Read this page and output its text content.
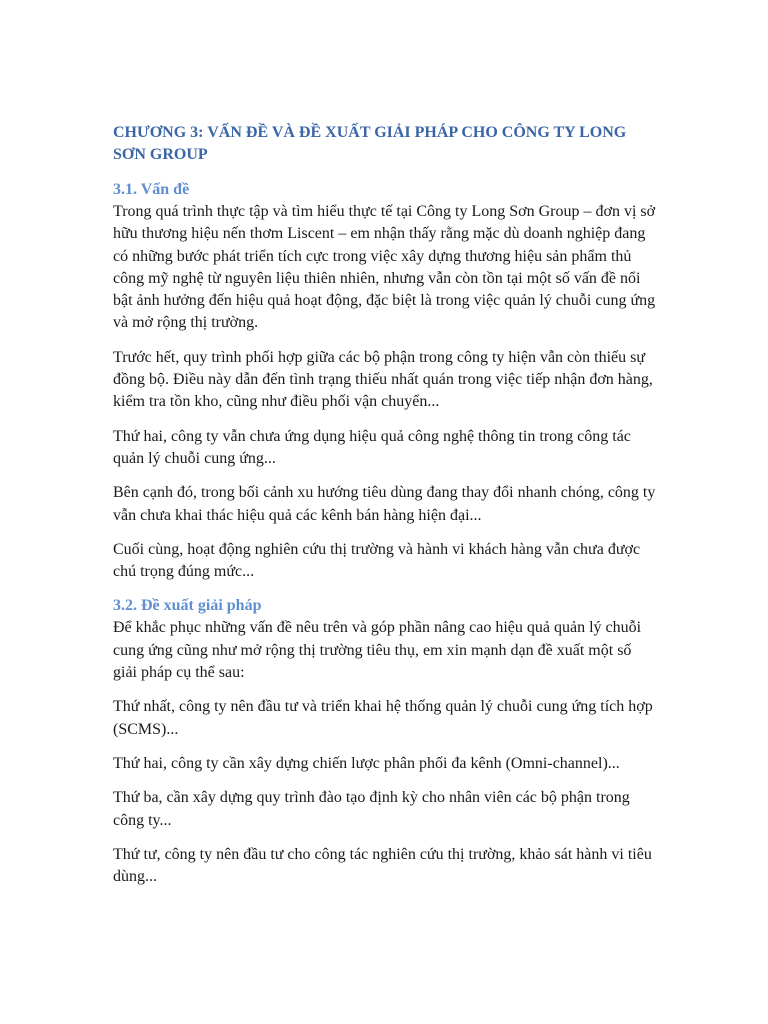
CHƯƠNG 3: VẤN ĐỀ VÀ ĐỀ XUẤT GIẢI PHÁP CHO CÔNG TY LONG SƠN GROUP
3.1. Vấn đề

Trong quá trình thực tập và tìm hiểu thực tế tại Công ty Long Sơn Group – đơn vị sở hữu thương hiệu nến thơm Liscent – em nhận thấy rằng mặc dù doanh nghiệp đang có những bước phát triển tích cực trong việc xây dựng thương hiệu sản phẩm thủ công mỹ nghệ từ nguyên liệu thiên nhiên, nhưng vẫn còn tồn tại một số vấn đề nổi bật ảnh hưởng đến hiệu quả hoạt động, đặc biệt là trong việc quản lý chuỗi cung ứng và mở rộng thị trường.

Trước hết, quy trình phối hợp giữa các bộ phận trong công ty hiện vẫn còn thiếu sự đồng bộ. Điều này dẫn đến tình trạng thiếu nhất quán trong việc tiếp nhận đơn hàng, kiểm tra tồn kho, cũng như điều phối vận chuyển...

Thứ hai, công ty vẫn chưa ứng dụng hiệu quả công nghệ thông tin trong công tác quản lý chuỗi cung ứng...

Bên cạnh đó, trong bối cảnh xu hướng tiêu dùng đang thay đổi nhanh chóng, công ty vẫn chưa khai thác hiệu quả các kênh bán hàng hiện đại...

Cuối cùng, hoạt động nghiên cứu thị trường và hành vi khách hàng vẫn chưa được chú trọng đúng mức...

3.2. Đề xuất giải pháp

Để khắc phục những vấn đề nêu trên và góp phần nâng cao hiệu quả quản lý chuỗi cung ứng cũng như mở rộng thị trường tiêu thụ, em xin mạnh dạn đề xuất một số giải pháp cụ thể sau:

Thứ nhất, công ty nên đầu tư và triển khai hệ thống quản lý chuỗi cung ứng tích hợp (SCMS)...

Thứ hai, công ty cần xây dựng chiến lược phân phối đa kênh (Omni-channel)...

Thứ ba, cần xây dựng quy trình đào tạo định kỳ cho nhân viên các bộ phận trong công ty...

Thứ tư, công ty nên đầu tư cho công tác nghiên cứu thị trường, khảo sát hành vi tiêu dùng...
